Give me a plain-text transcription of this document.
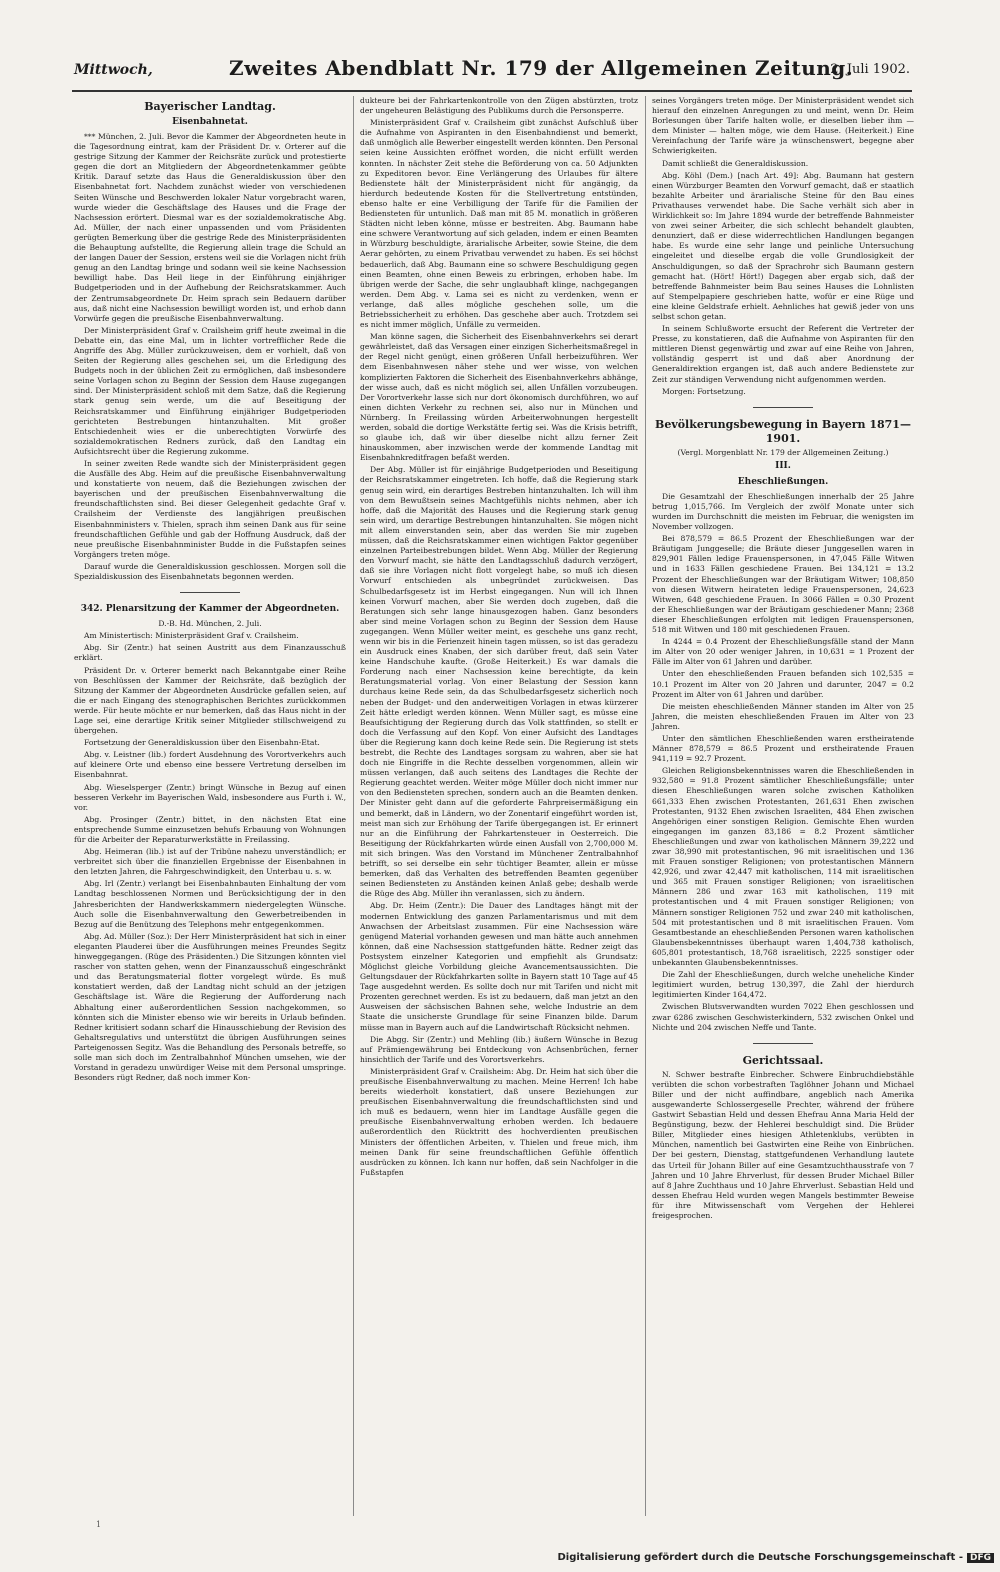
Mittwoch,	Zweites Abendblatt Nr. 179 der Allgemeinen Zeitung.
2. Juli 1902.
Bayerischer Landtag.
Eisenbahnetat.

*** München, 2. Juli. Bevor die Kammer der Abgeordneten heute in die Tagesordnung eintrat, kam der Präsident Dr. v. Orterer auf die gestrige Sitzung der Kammer der Reichsräte zurück und protestierte gegen die dort an Mitgliedern der Abgeordnetenkammer geübte Kritik. Darauf setzte das Haus die Generaldiskussion über den Eisenbahnetat fort. Nachdem zunächst wieder von verschiedenen Seiten Wünsche und Beschwerden lokaler Natur vorgebracht waren, wurde wieder die Geschäftslage des Hauses und die Frage der Nachsession erörtert. Diesmal war es der sozialdemokratische Abg. Ad. Müller, der nach einer unpassenden und vom Präsidenten gerügten Bemerkung über die gestrige Rede des Ministerpräsidenten die Behauptung aufstellte, die Regierung allein trage die Schuld an der langen Dauer der Session, erstens weil sie die Vorlagen nicht früh genug an den Landtag bringe und sodann weil sie keine Nachsession bewilligt habe. Das Heil liege in der Einführung einjähriger Budgetperioden und in der Aufhebung der Reichsratskammer. Auch der Zentrumsabgeordnete Dr. Heim sprach sein Bedauern darüber aus, daß nicht eine Nachsession bewilligt worden ist, und erhob dann Vorwürfe gegen die preußische Eisenbahnverwaltung.

Der Ministerpräsident Graf v. Crailsheim griff heute zweimal in die Debatte ein, das eine Mal, um in lichter vortrefflicher Rede die Angriffe des Abg. Müller zurückzuweisen, dem er vorhielt, daß von Seiten der Regierung alles geschehen sei, um die Erledigung des Budgets noch in der üblichen Zeit zu ermöglichen, daß insbesondere seine Vorlagen schon zu Beginn der Session dem Hause zugegangen sind. Der Ministerpräsident schloß mit dem Satze, daß die Regierung stark genug sein werde, um die auf Beseitigung der Reichsratskammer und Einführung einjähriger Budgetperioden gerichteten Bestrebungen hintanzuhalten. Mit großer Entschiedenheit wies er die unberechtigten Vorwürfe des sozialdemokratischen Redners zurück, daß den Landtag ein Aufsichtsrecht über die Regierung zukomme.

In seiner zweiten Rede wandte sich der Ministerpräsident gegen die Ausfälle des Abg. Heim auf die preußische Eisenbahnverwaltung und konstatierte von neuem, daß die Beziehungen zwischen der bayerischen und der preußischen Eisenbahnverwaltung die freundschaftlichsten sind. Bei dieser Gelegenheit gedachte Graf v. Crailsheim der Verdienste des langjährigen preußischen Eisenbahnministers v. Thielen, sprach ihm seinen Dank aus für seine freundschaftlichen Gefühle und gab der Hoffnung Ausdruck, daß der neue preußische Eisenbahnminister Budde in die Fußstapfen seines Vorgängers treten möge.

Darauf wurde die Generaldiskussion geschlossen. Morgen soll die Spezialdiskussion des Eisenbahnetats begonnen werden.

342. Plenarsitzung der Kammer der Abgeordneten.
D.-B. Hd. München, 2. Juli.

Am Ministertisch: Ministerpräsident Graf v. Crailsheim.

Abg. Sir (Zentr.) hat seinen Austritt aus dem Finanzausschuß erklärt.

Präsident Dr. v. Orterer bemerkt nach Bekanntgabe einer Reihe von Beschlüssen der Kammer der Reichsräte, daß bezüglich der Sitzung der Kammer der Abgeordneten Ausdrücke gefallen seien, auf die er nach Eingang des stenographischen Berichtes zurückkommen werde. Für heute möchte er nur bemerken, daß das Haus nicht in der Lage sei, eine derartige Kritik seiner Mitglieder stillschweigend zu übergehen.

Fortsetzung der Generaldiskussion über den Eisenbahn-Etat.

Abg. v. Leistner (lib.) fordert Ausdehnung des Vorortverkehrs auch auf kleinere Orte und ebenso eine bessere Vertretung derselben im Eisenbahnrat.

Abg. Wieselsperger (Zentr.) bringt Wünsche in Bezug auf einen besseren Verkehr im Bayerischen Wald, insbesondere aus Furth i. W., vor.

Abg. Prosinger (Zentr.) bittet, in den nächsten Etat eine entsprechende Summe einzusetzen behufs Erbauung von Wohnungen für die Arbeiter der Reparaturwerkstätte in Freilassing.

Abg. Heimeran (lib.) ist auf der Tribüne nahezu unverständlich; er verbreitet sich über die finanziellen Ergebnisse der Eisenbahnen in den letzten Jahren, die Fahrgeschwindigkeit, den Unterbau u. s. w.

Abg. Irl (Zentr.) verlangt bei Eisenbahnbauten Einhaltung der vom Landtag beschlossenen Normen und Berücksichtigung der in den Jahresberichten der Handwerkskammern niedergelegten Wünsche. Auch solle die Eisenbahnverwaltung den Gewerbetreibenden in Bezug auf die Benützung des Telephons mehr entgegenkommen.

Abg. Ad. Müller (Soz.): Der Herr Ministerpräsident hat sich in einer eleganten Plauderei über die Ausführungen meines Freundes Segitz hinweggegangen. (Rüge des Präsidenten.) Die Sitzungen könnten viel rascher von statten gehen, wenn der Finanzausschuß eingeschränkt und das Beratungsmaterial flotter vorgelegt würde. Es muß konstatiert werden, daß der Landtag nicht schuld an der jetzigen Geschäftslage ist. Wäre die Regierung der Aufforderung nach Abhaltung einer außerordentlichen Session nachgekommen, so könnten sich die Minister ebenso wie wir bereits in Urlaub befinden. Redner kritisiert sodann scharf die Hinausschiebung der Revision des Gehaltsregulativs und unterstützt die übrigen Ausführungen seines Parteigenossen Segitz. Was die Behandlung des Personals betreffe, so solle man sich doch im Zentralbahnhof München umsehen, wie der Vorstand in geradezu unwürdiger Weise mit dem Personal umspringe. Besonders rügt Redner, daß noch immer Kon-

dukteure bei der Fahrkartenkontrolle von den Zügen abstürzten, trotz der ungeheuren Belästigung des Publikums durch die Personsperre.

Ministerpräsident Graf v. Crailsheim gibt zunächst Aufschluß über die Aufnahme von Aspiranten in den Eisenbahndienst und bemerkt, daß unmöglich alle Bewerber eingestellt werden könnten. Den Personal seien keine Aussichten eröffnet worden, die nicht erfüllt werden konnten. In nächster Zeit stehe die Beförderung von ca. 50 Adjunkten zu Expeditoren bevor. Eine Verlängerung des Urlaubes für ältere Bedienstete hält der Ministerpräsident nicht für angängig, da hierdurch bedeutende Kosten für die Stellvertretung entstünden, ebenso halte er eine Verbilligung der Tarife für die Familien der Bediensteten für untunlich. Daß man mit 85 M. monatlich in größeren Städten nicht leben könne, müsse er bestreiten. Abg. Baumann habe eine schwere Verantwortung auf sich geladen, indem er einen Beamten in Würzburg beschuldigte, ärarialische Arbeiter, sowie Steine, die dem Aerar gehörten, zu einem Privatbau verwendet zu haben. Es sei höchst bedauerlich, daß Abg. Baumann eine so schwere Beschuldigung gegen einen Beamten, ohne einen Beweis zu erbringen, erhoben habe. Im übrigen werde der Sache, die sehr unglaubhaft klinge, nachgegangen werden. Dem Abg. v. Lama sei es nicht zu verdenken, wenn er verlange, daß alles mögliche geschehen solle, um die Betriebssicherheit zu erhöhen. Das geschehe aber auch. Trotzdem sei es nicht immer möglich, Unfälle zu vermeiden.

Man könne sagen, die Sicherheit des Eisenbahnverkehrs sei derart gewährleistet, daß das Versagen einer einzigen Sicherheitsmaßregel in der Regel nicht genügt, einen größeren Unfall herbeizuführen. Wer dem Eisenbahnwesen näher stehe und wer wisse, von welchen komplizierten Faktoren die Sicherheit des Eisenbahnverkehrs abhänge, der wisse auch, daß es nicht möglich sei, allen Unfällen vorzubeugen. Der Vorortverkehr lasse sich nur dort ökonomisch durchführen, wo auf einen dichten Verkehr zu rechnen sei, also nur in München und Nürnberg. In Freilassing würden Arbeiterwohnungen hergestellt werden, sobald die dortige Werkstätte fertig sei. Was die Krisis betrifft, so glaube ich, daß wir über dieselbe nicht allzu ferner Zeit hinauskommen, aber inzwischen werde der kommende Landtag mit Eisenbahnkreditfragen befaßt werden.

Der Abg. Müller ist für einjährige Budgetperioden und Beseitigung der Reichsratskammer eingetreten. Ich hoffe, daß die Regierung stark genug sein wird, ein derartiges Bestreben hintanzuhalten. Ich will ihm von dem Bewußtsein seines Machtgefühls nichts nehmen, aber ich hoffe, daß die Majorität des Hauses und die Regierung stark genug sein wird, um derartige Bestrebungen hintanzuhalten. Sie mögen nicht mit allem einverstanden sein, aber das werden Sie mir zugeben müssen, daß die Reichsratskammer einen wichtigen Faktor gegenüber einzelnen Parteibestrebungen bildet. Wenn Abg. Müller der Regierung den Vorwurf macht, sie hätte den Landtagsschluß dadurch verzögert, daß sie ihre Vorlagen nicht flott vorgelegt habe, so muß ich diesen Vorwurf entschieden als unbegründet zurückweisen. Das Schulbedarfsgesetz ist im Herbst eingegangen. Nun will ich Ihnen keinen Vorwurf machen, aber Sie werden doch zugeben, daß die Beratungen sich sehr lange hinausgezogen haben. Ganz besonders aber sind meine Vorlagen schon zu Beginn der Session dem Hause zugegangen. Wenn Müller weiter meint, es geschehe uns ganz recht, wenn wir bis in die Ferienzeit hinein tagen müssen, so ist das geradezu ein Ausdruck eines Knaben, der sich darüber freut, daß sein Vater keine Handschuhe kaufte. (Große Heiterkeit.) Es war damals die Forderung nach einer Nachsession keine berechtigte, da kein Beratungsmaterial vorlag. Von einer Belastung der Session kann durchaus keine Rede sein, da das Schulbedarfsgesetz sicherlich noch neben der Budget- und den anderweitigen Vorlagen in etwas kürzerer Zeit hätte erledigt werden können. Wenn Müller sagt, es müsse eine Beaufsichtigung der Regierung durch das Volk stattfinden, so stellt er doch die Verfassung auf den Kopf. Von einer Aufsicht des Landtages über die Regierung kann doch keine Rede sein. Die Regierung ist stets bestrebt, die Rechte des Landtages sorgsam zu wahren, aber sie hat doch nie Eingriffe in die Rechte desselben vorgenommen, allein wir müssen verlangen, daß auch seitens des Landtages die Rechte der Regierung geachtet werden. Weiter möge Müller doch nicht immer nur von den Bediensteten sprechen, sondern auch an die Beamten denken. Der Minister geht dann auf die geforderte Fahrpreisermäßigung ein und bemerkt, daß in Ländern, wo der Zonentarif eingeführt worden ist, meist man sich zur Erhöhung der Tarife übergegangen ist. Er erinnert nur an die Einführung der Fahrkartensteuer in Oesterreich. Die Beseitigung der Rückfahrkarten würde einen Ausfall von 2,700,000 M. mit sich bringen. Was den Vorstand im Münchener Zentralbahnhof betrifft, so sei derselbe ein sehr tüchtiger Beamter, allein er müsse bemerken, daß das Verhalten des betreffenden Beamten gegenüber seinen Bediensteten zu Anständen keinen Anlaß gebe; deshalb werde die Rüge des Abg. Müller ihn veranlassen, sich zu ändern.

Abg. Dr. Heim (Zentr.): Die Dauer des Landtages hängt mit der modernen Entwicklung des ganzen Parlamentarismus und mit dem Anwachsen der Arbeitslast zusammen. Für eine Nachsession wäre genügend Material vorhanden gewesen und man hätte auch annehmen können, daß eine Nachsession stattgefunden hätte. Redner zeigt das Postsystem einzelner Kategorien und empfiehlt als Grundsatz: Möglichst gleiche Vorbildung gleiche Avancementsaussichten. Die Geltungsdauer der Rückfahrkarten sollte in Bayern statt 10 Tage auf 45 Tage ausgedehnt werden. Es sollte doch nur mit Tarifen und nicht mit Prozenten gerechnet werden. Es ist zu bedauern, daß man jetzt an den Ausweisen der sächsischen Bahnen sehe, welche Industrie an dem Staate die unsicherste Grundlage für seine Finanzen bilde. Darum müsse man in Bayern auch auf die Landwirtschaft Rücksicht nehmen.

Die Abgg. Sir (Zentr.) und Mehling (lib.) äußern Wünsche in Bezug auf Prämiengewährung bei Entdeckung von Achsenbrüchen, ferner hinsichtlich der Tarife und des Vorortsverkehrs.

Ministerpräsident Graf v. Crailsheim: Abg. Dr. Heim hat sich über die preußische Eisenbahnverwaltung zu machen. Meine Herren! Ich habe bereits wiederholt konstatiert, daß unsere Beziehungen zur preußischen Eisenbahnverwaltung die freundschaftlichsten sind und ich muß es bedauern, wenn hier im Landtage Ausfälle gegen die preußische Eisenbahnverwaltung erhoben werden. Ich bedauere außerordentlich den Rücktritt des hochverdienten preußischen Ministers der öffentlichen Arbeiten, v. Thielen und freue mich, ihm meinen Dank für seine freundschaftlichen Gefühle öffentlich ausdrücken zu können. Ich kann nur hoffen, daß sein Nachfolger in die Fußstapfen

seines Vorgängers treten möge. Der Ministerpräsident wendet sich hierauf den einzelnen Anregungen zu und meint, wenn Dr. Heim Borlesungen über Tarife halten wolle, er dieselben lieber ihm — dem Minister — halten möge, wie dem Hause. (Heiterkeit.) Eine Vereinfachung der Tarife wäre ja wünschenswert, begegne aber Schwierigkeiten.

Damit schließt die Generaldiskussion.

Abg. Köhl (Dem.) [nach Art. 49]: Abg. Baumann hat gestern einen Würzburger Beamten den Vorwurf gemacht, daß er staatlich bezahlte Arbeiter und ärarialische Steine für den Bau eines Privathauses verwendet habe. Die Sache verhält sich aber in Wirklichkeit so: Im Jahre 1894 wurde der betreffende Bahnmeister von zwei seiner Arbeiter, die sich schlecht behandelt glaubten, denunziert, daß er diese widerrechtlichen Handlungen begangen habe. Es wurde eine sehr lange und peinliche Untersuchung eingeleitet und dieselbe ergab die volle Grundlosigkeit der Anschuldigungen, so daß der Sprachrohr sich Baumann gestern gemacht hat. (Hört! Hört!) Dagegen aber ergab sich, daß der betreffende Bahnmeister beim Bau seines Hauses die Lohnlisten auf Stempelpapiere geschrieben hatte, wofür er eine Rüge und eine kleine Geldstrafe erhielt. Aehnliches hat gewiß jeder von uns selbst schon getan.

In seinem Schlußworte ersucht der Referent die Vertreter der Presse, zu konstatieren, daß die Aufnahme von Aspiranten für den mittleren Dienst gegenwärtig und zwar auf eine Reihe von Jahren, vollständig gesperrt ist und daß aber Anordnung der Generaldirektion ergangen ist, daß auch andere Bedienstete zur Zeit zur ständigen Verwendung nicht aufgenommen werden.

Morgen: Fortsetzung.

Bevölkerungsbewegung in Bayern 1871—1901.
(Vergl. Morgenblatt Nr. 179 der Allgemeinen Zeitung.)
III.
Eheschließungen.

Die Gesamtzahl der Eheschließungen innerhalb der 25 Jahre betrug 1,015,766. Im Vergleich der zwölf Monate unter sich wurden im Durchschnitt die meisten im Februar, die wenigsten im November vollzogen.

Bei 878,579 = 86.5 Prozent der Eheschließungen war der Bräutigam Junggeselle; die Bräute dieser Junggesellen waren in 829,901 Fällen ledige Frauenspersonen, in 47,045 Fälle Witwen und in 1633 Fällen geschiedene Frauen. Bei 134,121 = 13.2 Prozent der Eheschließungen war der Bräutigam Witwer; 108,850 von diesen Witwern heirateten ledige Frauenspersonen, 24,623 Witwen, 648 geschiedene Frauen. In 3066 Fällen = 0.30 Prozent der Eheschließungen war der Bräutigam geschiedener Mann; 2368 dieser Eheschließungen erfolgten mit ledigen Frauenspersonen, 518 mit Witwen und 180 mit geschiedenen Frauen.

In 4244 = 0.4 Prozent der Eheschließungsfälle stand der Mann im Alter von 20 oder weniger Jahren, in 10,631 = 1 Prozent der Fälle im Alter von 61 Jahren und darüber.

Unter den eheschließenden Frauen befanden sich 102,535 = 10.1 Prozent im Alter von 20 Jahren und darunter, 2047 = 0.2 Prozent im Alter von 61 Jahren und darüber.

Die meisten eheschließenden Männer standen im Alter von 25 Jahren, die meisten eheschließenden Frauen im Alter von 23 Jahren.

Unter den sämtlichen Eheschließenden waren erstheiratende Männer 878,579 = 86.5 Prozent und erstheiratende Frauen 941,119 = 92.7 Prozent.

Gleichen Religionsbekenntnisses waren die Eheschließenden in 932,580 = 91.8 Prozent sämtlicher Eheschließungsfälle; unter diesen Eheschließungen waren solche zwischen Katholiken 661,333 Ehen zwischen Protestanten, 261,631 Ehen zwischen Protestanten, 9132 Ehen zwischen Israeliten, 484 Ehen zwischen Angehörigen einer sonstigen Religion. Gemischte Ehen wurden eingegangen im ganzen 83,186 = 8.2 Prozent sämtlicher Eheschließungen und zwar von katholischen Männern 39,222 und zwar 38,990 mit protestantischen, 96 mit israelitischen und 136 mit Frauen sonstiger Religionen; von protestantischen Männern 42,926, und zwar 42,447 mit katholischen, 114 mit israelitischen und 365 mit Frauen sonstiger Religionen; von israelitischen Männern 286 und zwar 163 mit katholischen, 119 mit protestantischen und 4 mit Frauen sonstiger Religionen; von Männern sonstiger Religionen 752 und zwar 240 mit katholischen, 504 mit protestantischen und 8 mit israelitischen Frauen. Vom Gesamtbestande an eheschließenden Personen waren katholischen Glaubensbekenntnisses überhaupt waren 1,404,738 katholisch, 605,801 protestantisch, 18,768 israelitisch, 2225 sonstiger oder unbekannten Glaubensbekenntnisses.

Die Zahl der Eheschließungen, durch welche uneheliche Kinder legitimiert wurden, betrug 130,397, die Zahl der hierdurch legitimierten Kinder 164,472.

Zwischen Blutsverwandten wurden 7022 Ehen geschlossen und zwar 6286 zwischen Geschwisterkindern, 532 zwischen Onkel und Nichte und 204 zwischen Neffe und Tante.

Gerichtssaal.

N. Schwer bestrafte Einbrecher. Schwere Einbruchdiebstähle verübten die schon vorbestraften Taglöhner Johann und Michael Biller und der nicht auffindbare, angeblich nach Amerika ausgewanderte Schlossergeselle Prechter, während der frühere Gastwirt Sebastian Held und dessen Ehefrau Anna Maria Held der Begünstigung, bezw. der Hehlerei beschuldigt sind. Die Brüder Biller, Mitglieder eines hiesigen Athletenklubs, verübten in München, namentlich bei Gastwirten eine Reihe von Einbrüchen. Der bei gestern, Dienstag, stattgefundenen Verhandlung lautete das Urteil für Johann Biller auf eine Gesamtzuchthausstrafe von 7 Jahren und 10 Jahre Ehrverlust, für dessen Bruder Michael Biller auf 8 Jahre Zuchthaus und 10 Jahre Ehrverlust. Sebastian Held und dessen Ehefrau Held wurden wegen Mangels bestimmter Beweise für ihre Mitwissenschaft vom Vergehen der Hehlerei freigesprochen.

1
Digitalisierung gefördert durch die Deutsche Forschungsgemeinschaft - DFG
